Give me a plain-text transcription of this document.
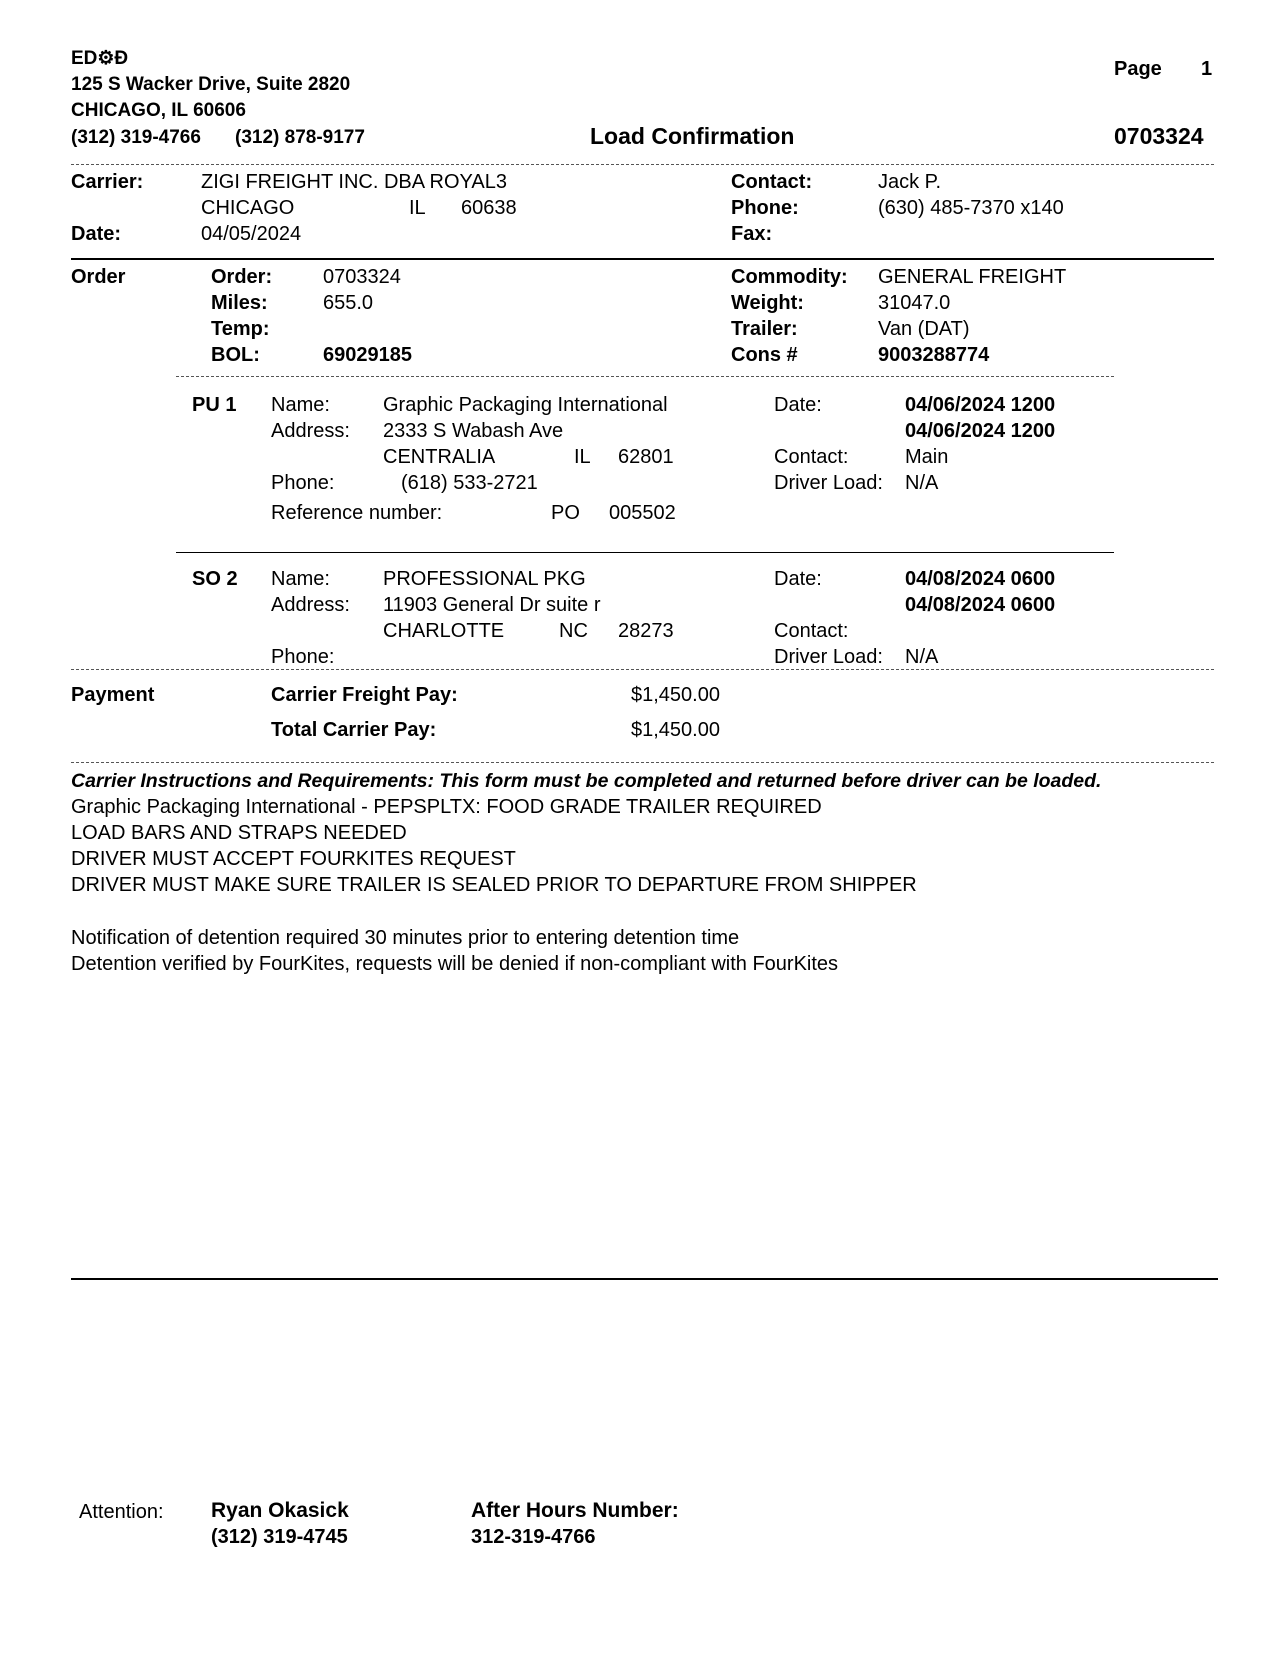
ED⚙Đ
125 S Wacker Drive, Suite 2820
CHICAGO, IL 60606
(312) 319-4766 (312) 878-9177	Load Confirmation
Page 1
0703324
Carrier:	ZIGI FREIGHT INC. DBA ROYAL3
CHICAGO	IL 60638
Date:	04/05/2024
Contact:	Jack P.
Phone:	(630) 485-7370 x140
Fax:
Order	Order:	0703324
Miles:	655.0
Temp:
BOL:	69029185
Commodity: GENERAL FREIGHT
Weight:	31047.0
Trailer:	Van (DAT)
Cons #	9003288774
PU 1 Name:	Graphic Packaging International
Address: 2333 S Wabash Ave
CENTRALIA	IL 62801
Phone:	(618) 533-2721
Reference number:	PO 005502
Date:	04/06/2024 1200
04/06/2024 1200
Contact:	Main
Driver Load: N/A
SO 2 Name:	PROFESSIONAL PKG
Address: 11903 General Dr suite r
CHARLOTTE	NC 28273
Phone:
Date:	04/08/2024 0600
04/08/2024 0600
Contact:
Driver Load: N/A
Payment	Carrier Freight Pay:	$1,450.00
Total Carrier Pay:	$1,450.00
Carrier Instructions and Requirements: This form must be completed and returned before driver can be loaded.
Graphic Packaging International - PEPSPLTX: FOOD GRADE TRAILER REQUIRED
LOAD BARS AND STRAPS NEEDED
DRIVER MUST ACCEPT FOURKITES REQUEST
DRIVER MUST MAKE SURE TRAILER IS SEALED PRIOR TO DEPARTURE FROM SHIPPER
Notification of detention required 30 minutes prior to entering detention time
Detention verified by FourKites, requests will be denied if non-compliant with FourKites
Attention: Ryan Okasick
(312) 319-4745
After Hours Number:
312-319-4766
